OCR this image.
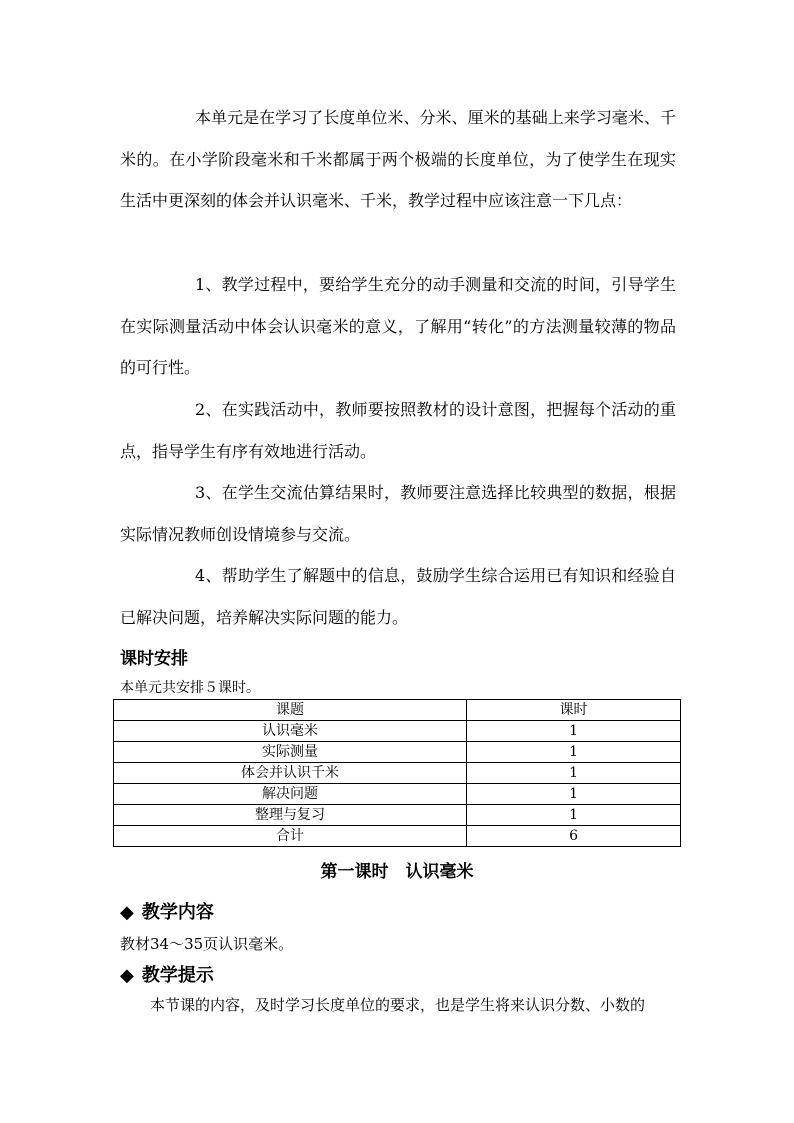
本单元是在学习了长度单位米、分米、厘米的基础上来学习毫米、千米的。在小学阶段毫米和千米都属于两个极端的长度单位，为了使学生在现实生活中更深刻的体会并认识毫米、千米，教学过程中应该注意一下几点：

1、教学过程中，要给学生充分的动手测量和交流的时间，引导学生在实际测量活动中体会认识毫米的意义，了解用“转化”的方法测量较薄的物品的可行性。

2、在实践活动中，教师要按照教材的设计意图，把握每个活动的重点，指导学生有序有效地进行活动。

3、在学生交流估算结果时，教师要注意选择比较典型的数据，根据实际情况教师创设情境参与交流。

4、帮助学生了解题中的信息，鼓励学生综合运用已有知识和经验自已解决问题，培养解决实际问题的能力。

课时安排

本单元共安排５课时。

课题	课时
认识毫米	1
实际测量	1
体会并认识千米	1
解决问题	1
整理与复习	1
合计	6
第一课时　认识毫米
◆ 教学内容

教材34～35页认识毫米。

◆ 教学提示

本节课的内容，及时学习长度单位的要求，也是学生将来认识分数、小数的
